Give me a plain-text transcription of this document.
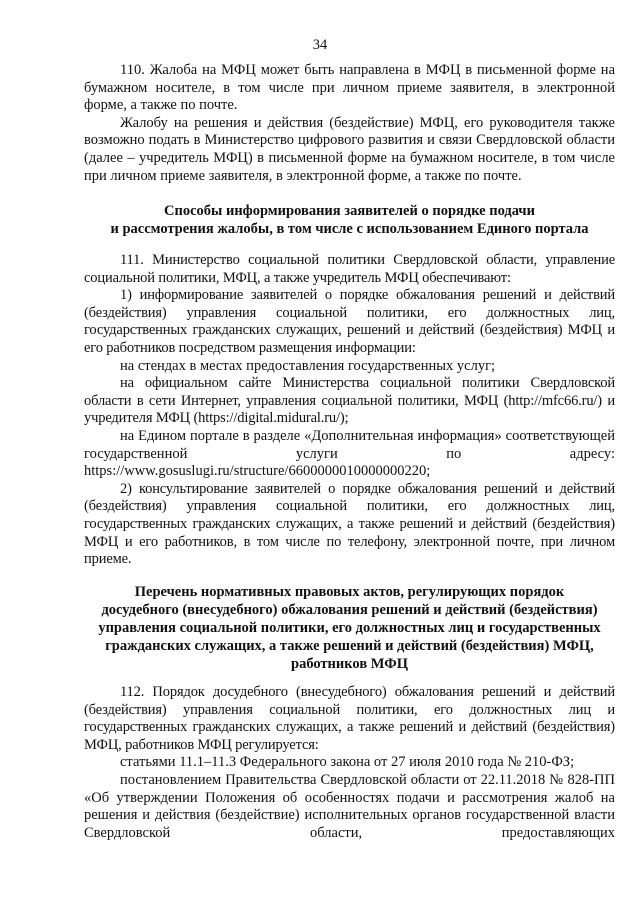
34

110. Жалоба на МФЦ может быть направлена в МФЦ в письменной форме на бумажном носителе, в том числе при личном приеме заявителя, в электронной форме, а также по почте.

Жалобу на решения и действия (бездействие) МФЦ, его руководителя также возможно подать в Министерство цифрового развития и связи Свердловской области (далее – учредитель МФЦ) в письменной форме на бумажном носителе, в том числе при личном приеме заявителя, в электронной форме, а также по почте.

Способы информирования заявителей о порядке подачи
и рассмотрения жалобы, в том числе с использованием Единого портала

111. Министерство социальной политики Свердловской области, управление социальной политики, МФЦ, а также учредитель МФЦ обеспечивают:

1) информирование заявителей о порядке обжалования решений и действий (бездействия) управления социальной политики, его должностных лиц, государственных гражданских служащих, решений и действий (бездействия) МФЦ и его работников посредством размещения информации:

на стендах в местах предоставления государственных услуг;

на официальном сайте Министерства социальной политики Свердловской области в сети Интернет, управления социальной политики, МФЦ (http://mfc66.ru/) и учредителя МФЦ (https://digital.midural.ru/);

на Едином портале в разделе «Дополнительная информация» соответствующей государственной услуги по адресу:

https://www.gosuslugi.ru/structure/6600000010000000220;

2) консультирование заявителей о порядке обжалования решений и действий (бездействия) управления социальной политики, его должностных лиц, государственных гражданских служащих, а также решений и действий (бездействия) МФЦ и его работников, в том числе по телефону, электронной почте, при личном приеме.

Перечень нормативных правовых актов, регулирующих порядок
досудебного (внесудебного) обжалования решений и действий (бездействия)
управления социальной политики, его должностных лиц и государственных
гражданских служащих, а также решений и действий (бездействия) МФЦ,
работников МФЦ

112. Порядок досудебного (внесудебного) обжалования решений и действий (бездействия) управления социальной политики, его должностных лиц и государственных гражданских служащих, а также решений и действий (бездействия) МФЦ, работников МФЦ регулируется:

статьями 11.1–11.3 Федерального закона от 27 июля 2010 года № 210-ФЗ;

постановлением Правительства Свердловской области от 22.11.2018 № 828-ПП «Об утверждении Положения об особенностях подачи и рассмотрения жалоб на решения и действия (бездействие) исполнительных органов государственной власти Свердловской области, предоставляющих
